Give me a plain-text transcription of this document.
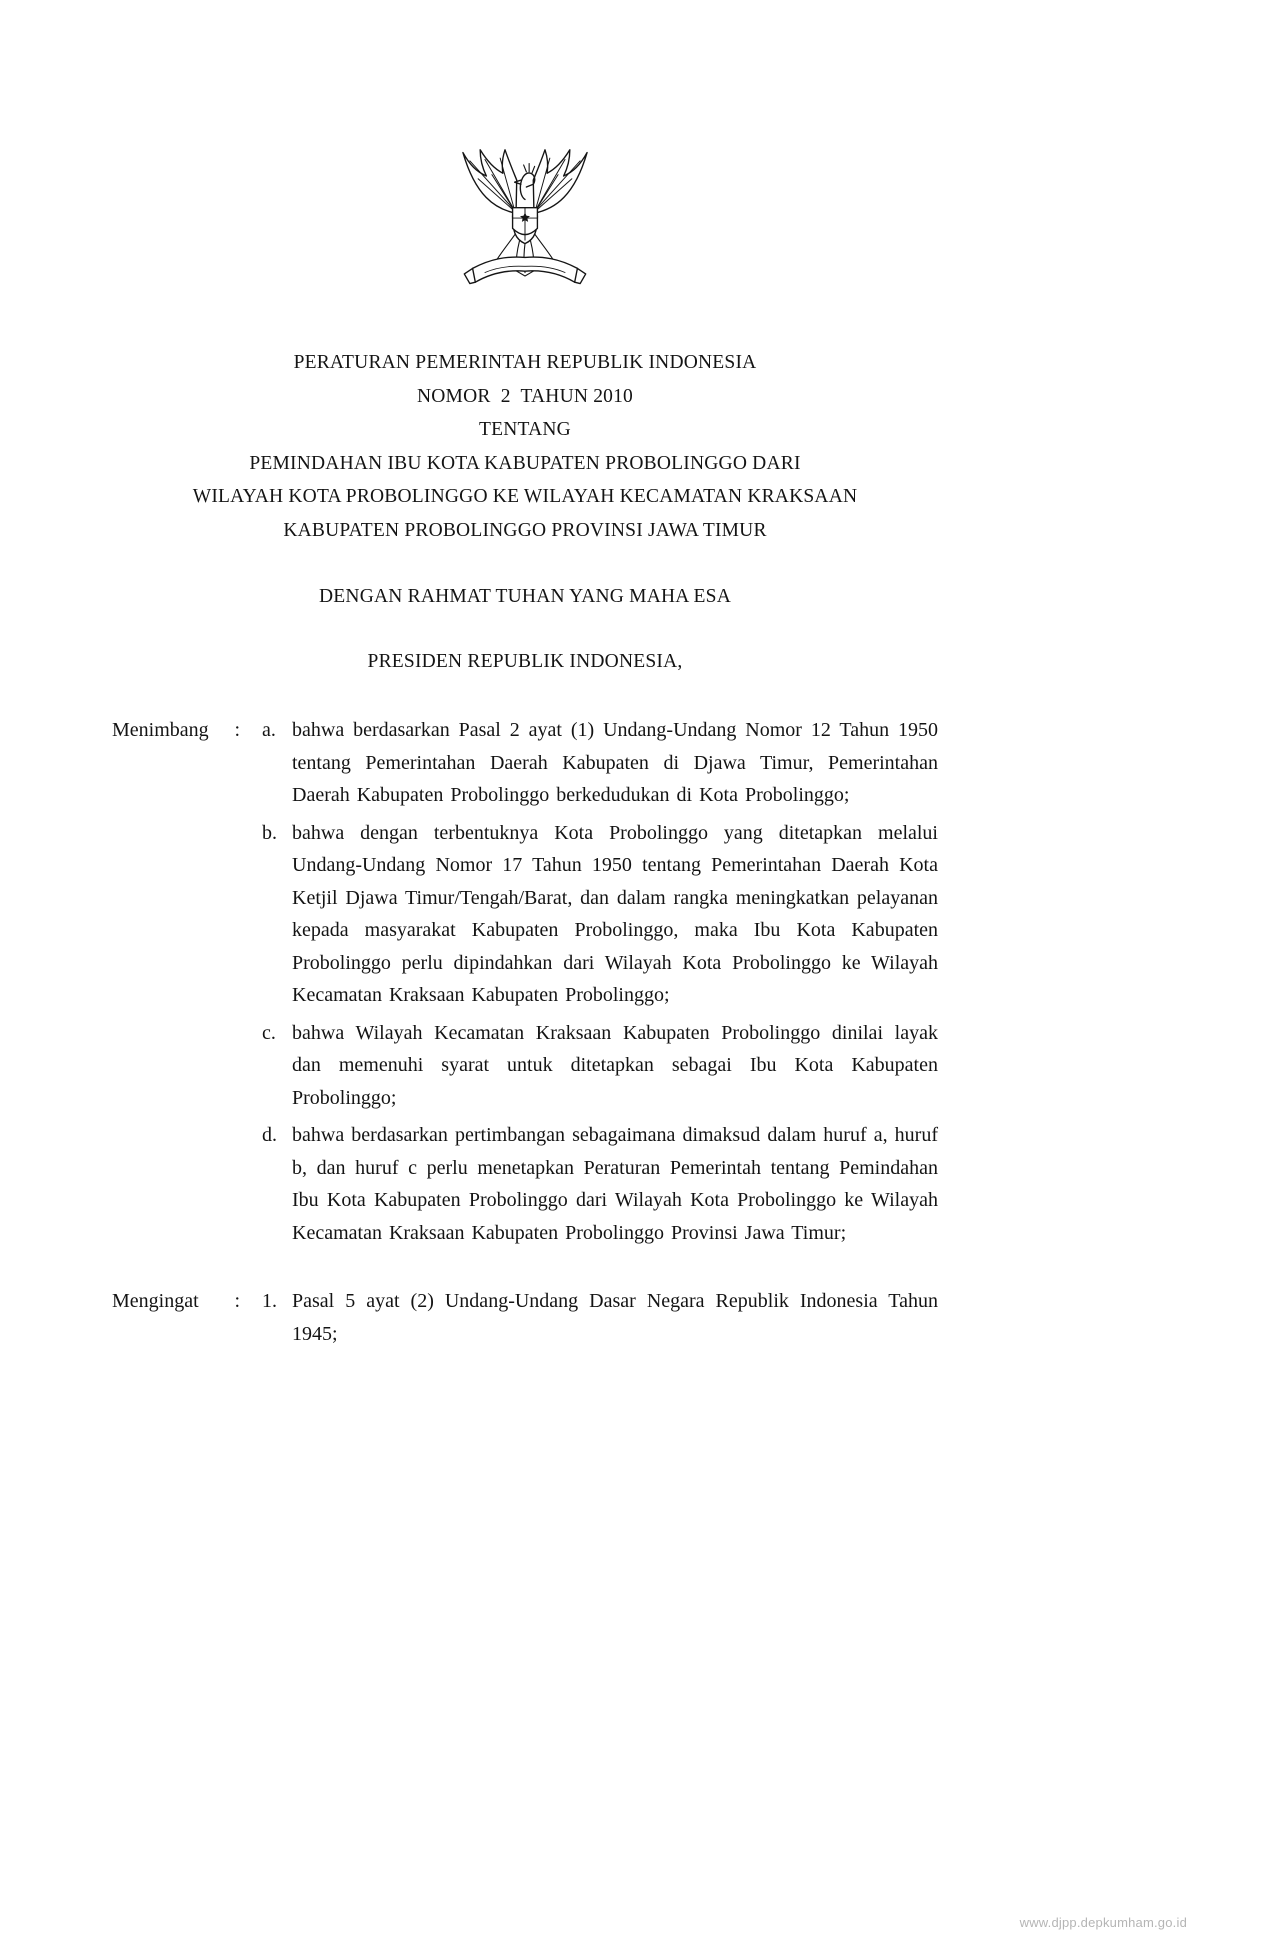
PERATURAN PEMERINTAH REPUBLIK INDONESIA
NOMOR  2  TAHUN 2010
TENTANG
PEMINDAHAN IBU KOTA KABUPATEN PROBOLINGGO DARI
WILAYAH KOTA PROBOLINGGO KE WILAYAH KECAMATAN KRAKSAAN
KABUPATEN PROBOLINGGO PROVINSI JAWA TIMUR
DENGAN RAHMAT TUHAN YANG MAHA ESA
PRESIDEN REPUBLIK INDONESIA,
Menimbang : a. bahwa berdasarkan Pasal 2 ayat (1) Undang-Undang Nomor 12 Tahun 1950 tentang Pemerintahan Daerah Kabupaten di Djawa Timur, Pemerintahan Daerah Kabupaten Probolinggo berkedudukan di Kota Probolinggo;

b. bahwa dengan terbentuknya Kota Probolinggo yang ditetapkan melalui Undang-Undang Nomor 17 Tahun 1950 tentang Pemerintahan Daerah Kota Ketjil Djawa Timur/Tengah/Barat, dan dalam rangka meningkatkan pelayanan kepada masyarakat Kabupaten Probolinggo, maka Ibu Kota Kabupaten Probolinggo perlu dipindahkan dari Wilayah Kota Probolinggo ke Wilayah Kecamatan Kraksaan Kabupaten Probolinggo;

c. bahwa Wilayah Kecamatan Kraksaan Kabupaten Probolinggo dinilai layak dan memenuhi syarat untuk ditetapkan sebagai Ibu Kota Kabupaten Probolinggo;

d. bahwa berdasarkan pertimbangan sebagaimana dimaksud dalam huruf a, huruf b, dan huruf c perlu menetapkan Peraturan Pemerintah tentang Pemindahan Ibu Kota Kabupaten Probolinggo dari Wilayah Kota Probolinggo ke Wilayah Kecamatan Kraksaan Kabupaten Probolinggo Provinsi Jawa Timur;

Mengingat : 1. Pasal 5 ayat (2) Undang-Undang Dasar Negara Republik Indonesia Tahun 1945;

www.djpp.depkumham.go.id
